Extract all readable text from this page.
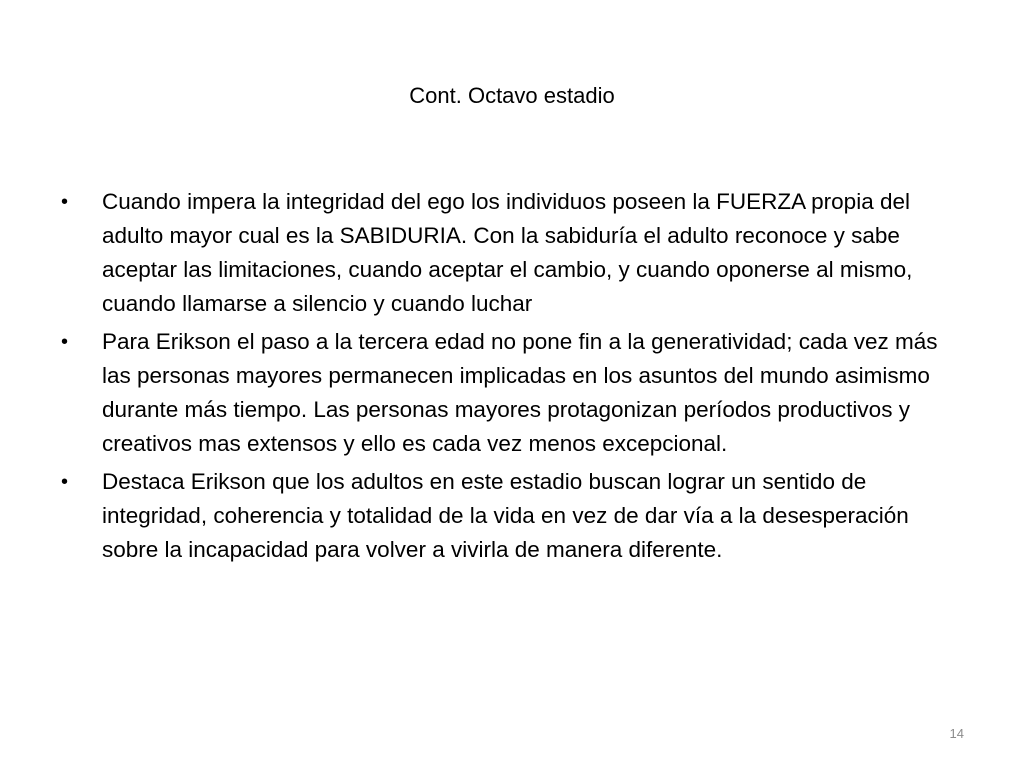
Cont. Octavo estadio
• Cuando impera la integridad del ego los individuos poseen la FUERZA propia del adulto mayor cual es la SABIDURIA. Con la sabiduría el adulto reconoce y sabe aceptar las limitaciones, cuando aceptar el cambio, y cuando oponerse al mismo, cuando llamarse a silencio y cuando luchar
• Para Erikson el paso a la tercera edad no pone fin a la generatividad; cada vez más las personas mayores permanecen implicadas en los asuntos del mundo asimismo durante más tiempo. Las personas mayores protagonizan períodos productivos y creativos mas extensos y ello es cada vez menos excepcional.
• Destaca Erikson que los adultos en este estadio buscan lograr un sentido de integridad, coherencia y totalidad de la vida en vez de dar vía a la desesperación sobre la incapacidad para volver a vivirla de manera diferente.
14
